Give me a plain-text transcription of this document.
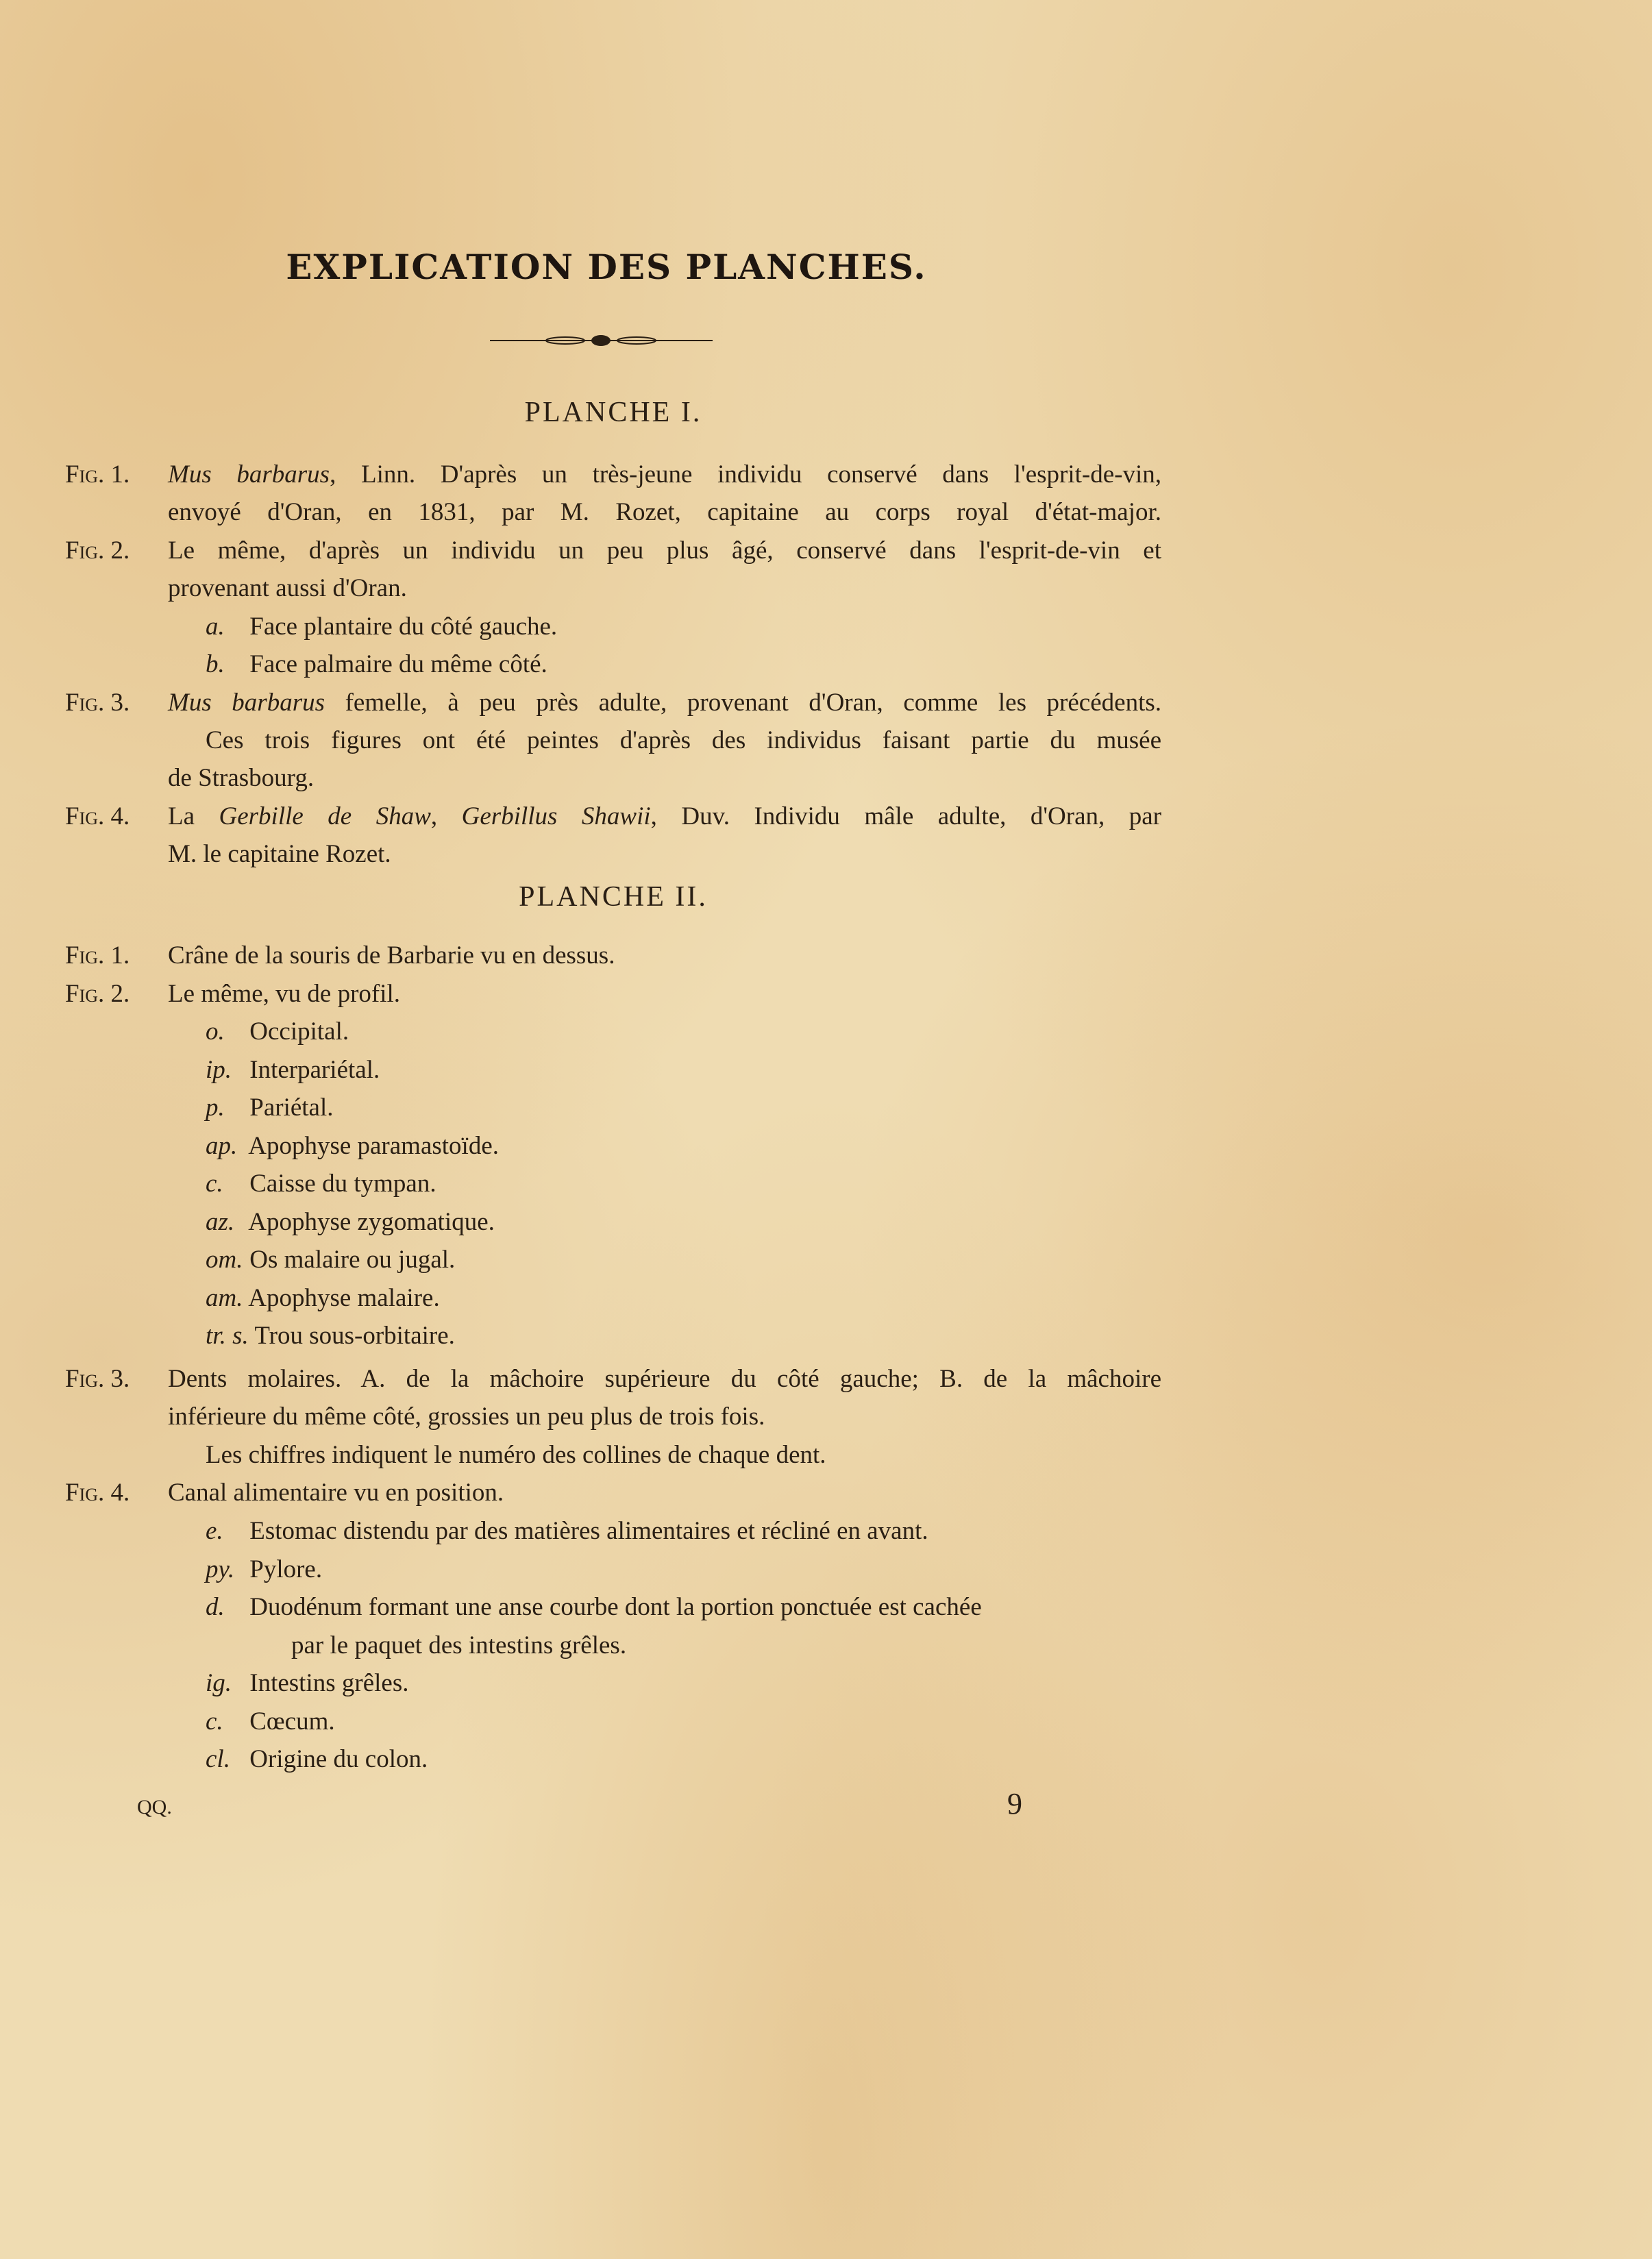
EXPLICATION DES PLANCHES.
PLANCHE I.
Fig. 1. Mus barbarus, Linn. D'après un très-jeune individu conservé dans l'esprit-de-vin,
envoyé d'Oran, en 1831, par M. Rozet, capitaine au corps royal d'état-major.
Fig. 2. Le même, d'après un individu un peu plus âgé, conservé dans l'esprit-de-vin et
provenant aussi d'Oran.
a. Face plantaire du côté gauche.
b. Face palmaire du même côté.
Fig. 3. Mus barbarus femelle, à peu près adulte, provenant d'Oran, comme les précédents.
Ces trois figures ont été peintes d'après des individus faisant partie du musée
de Strasbourg.
Fig. 4. La Gerbille de Shaw, Gerbillus Shawii, Duv. Individu mâle adulte, d'Oran, par
M. le capitaine Rozet.
PLANCHE II.
Fig. 1. Crâne de la souris de Barbarie vu en dessus.
Fig. 2. Le même, vu de profil.
o. Occipital.
ip. Interpariétal.
p. Pariétal.
ap. Apophyse paramastoïde.
c. Caisse du tympan.
az. Apophyse zygomatique.
om. Os malaire ou jugal.
am. Apophyse malaire.
tr. s. Trou sous-orbitaire.
Fig. 3. Dents molaires. A. de la mâchoire supérieure du côté gauche; B. de la mâchoire
inférieure du même côté, grossies un peu plus de trois fois.
Les chiffres indiquent le numéro des collines de chaque dent.
Fig. 4. Canal alimentaire vu en position.
e. Estomac distendu par des matières alimentaires et récliné en avant.
py. Pylore.
d. Duodénum formant une anse courbe dont la portion ponctuée est cachée
par le paquet des intestins grêles.
ig. Intestins grêles.
c. Cœcum.
cl. Origine du colon.
QQ.	9
